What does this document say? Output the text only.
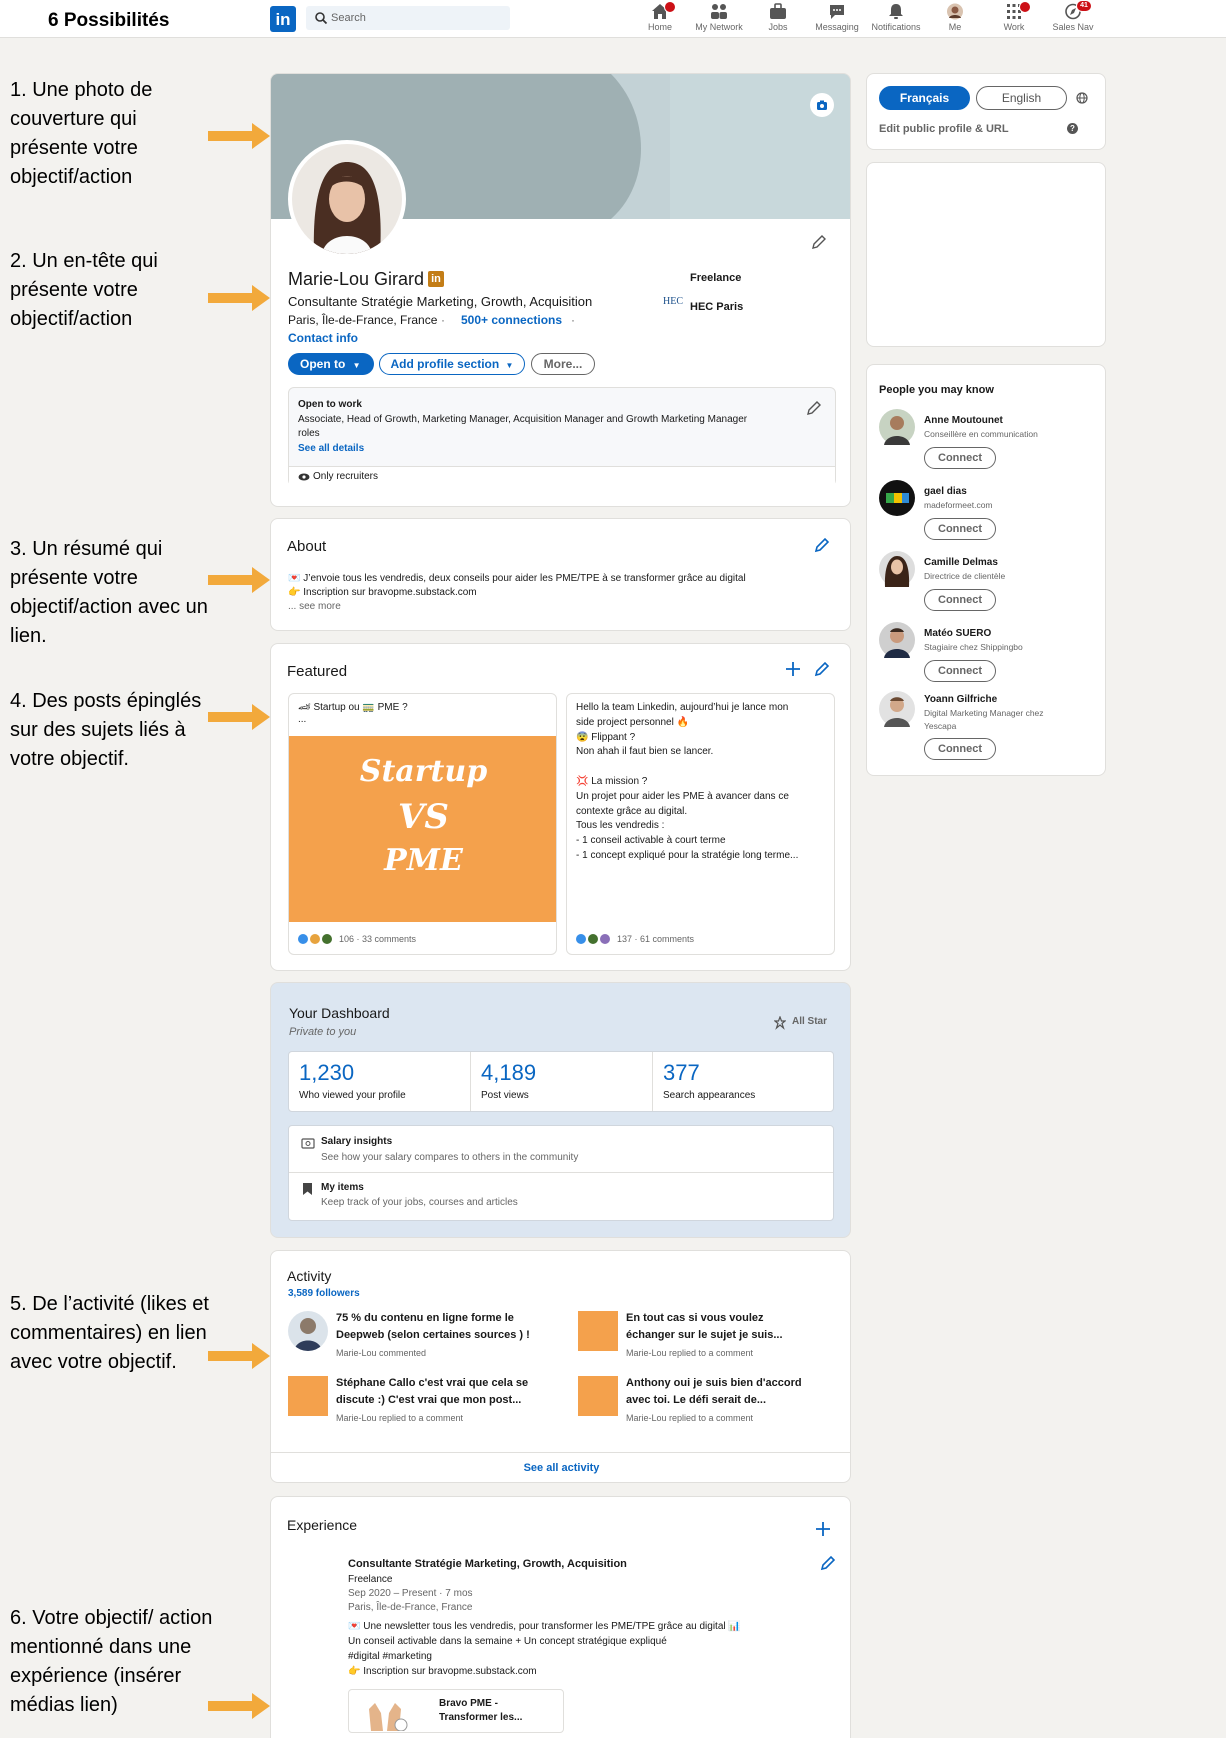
6 Possibilités	in	Search
Home	My Network	Jobs	Messaging	Notifications	Me	Work
41
Sales Nav
1. Une photo de couverture qui présente votre objectif/action
2. Un en-tête qui présente votre objectif/action
3. Un résumé qui présente votre objectif/action avec un lien.
4. Des posts épinglés sur des sujets liés à votre objectif.
5. De l’activité (likes et commentaires) en lien avec votre objectif.
6. Votre objectif/ action mentionné dans une expérience (insérer médias lien)
Marie-Lou Girard in
Consultante Stratégie Marketing, Growth, Acquisition
Paris, Île-de-France, France · 500+ connections ·
Contact info
Freelance
HEC HEC Paris
Open to ▼	Add profile section ▼	More...
Open to work
Associate, Head of Growth, Marketing Manager, Acquisition Manager and Growth Marketing Manager roles
See all details
Only recruiters
About
💌 J’envoie tous les vendredis, deux conseils pour aider les PME/TPE à se transformer grâce au digital
👉 Inscription sur bravopme.substack.com
... see more
Featured
🏎 Startup ou 🚃 PME ?
...
Startup
VS
PME
106 · 33 comments
Hello la team Linkedin, aujourd’hui je lance mon
side project personnel 🔥
😨 Flippant ?
Non ahah il faut bien se lancer.
💢 La mission ?
Un projet pour aider les PME à avancer dans ce
contexte grâce au digital.
Tous les vendredis :
- 1 conseil activable à court terme
- 1 concept expliqué pour la stratégie long terme...
137 · 61 comments
Your Dashboard
Private to you
All Star
1,230
Who viewed your profile
4,189
Post views
377
Search appearances
Salary insights
See how your salary compares to others in the community
My items
Keep track of your jobs, courses and articles
Activity
3,589 followers
75 % du contenu en ligne forme le
Deepweb (selon certaines sources ) !
Marie-Lou commented
En tout cas si vous voulez
échanger sur le sujet je suis...
Marie-Lou replied to a comment
Stéphane Callo c'est vrai que cela se
discute :) C'est vrai que mon post...
Marie-Lou replied to a comment
Anthony oui je suis bien d'accord
avec toi. Le défi serait de...
Marie-Lou replied to a comment
See all activity
Experience
Consultante Stratégie Marketing, Growth, Acquisition
Freelance
Sep 2020 – Present · 7 mos
Paris, Île-de-France, France
💌 Une newsletter tous les vendredis, pour transformer les PME/TPE grâce au digital 📊
Un conseil activable dans la semaine + Un concept stratégique expliqué
#digital #marketing
👉 Inscription sur bravopme.substack.com
Bravo PME -
Transformer les...
Français	English
Edit public profile & URL	?
People you may know
Anne Moutounet
Conseillère en communication
Connect
gael dias
madeformeet.com
Connect
Camille Delmas
Directrice de clientèle
Connect
Matéo SUERO
Stagiaire chez Shippingbo
Connect
Yoann Gilfriche
Digital Marketing Manager chez
Yescapa
Connect
